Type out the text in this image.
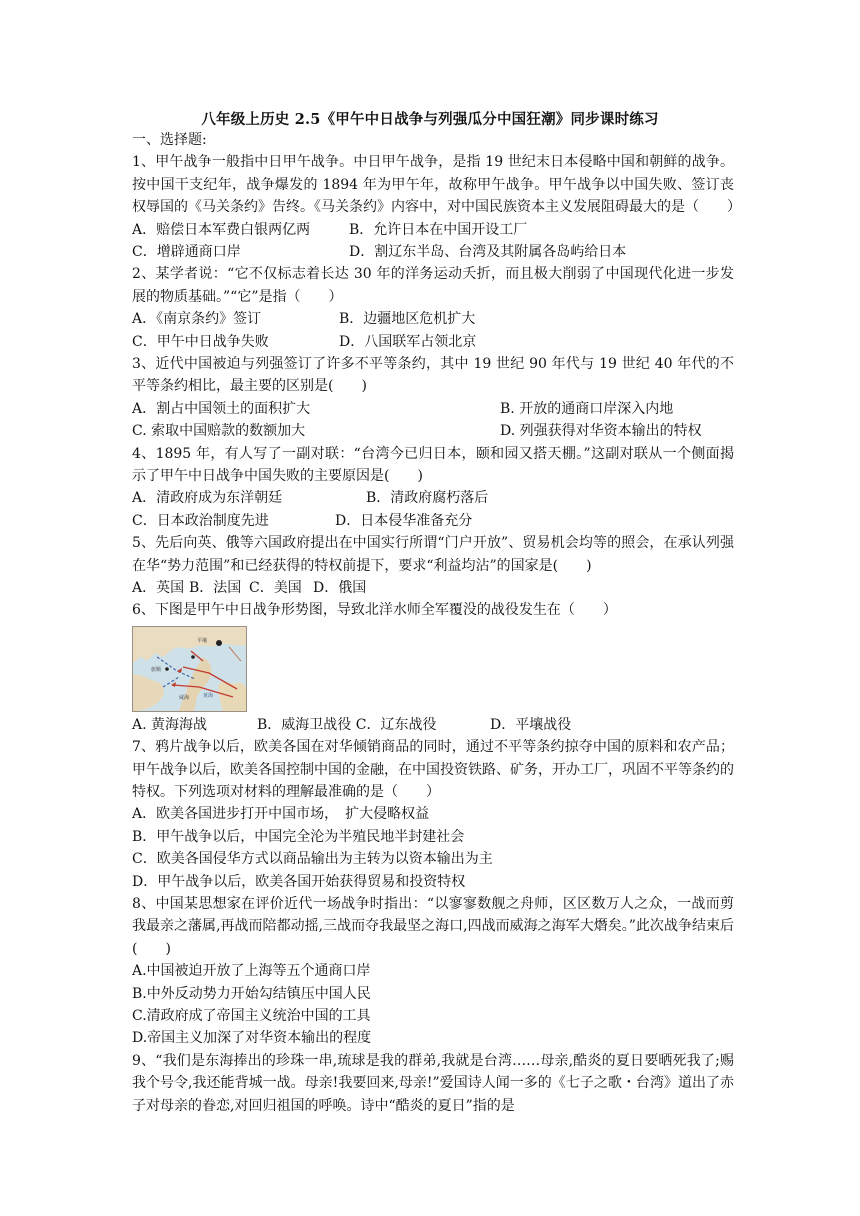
八年级上历史 2.5《甲午中日战争与列强瓜分中国狂潮》同步课时练习

一、选择题:

1、甲午战争一般指中日甲午战争。中日甲午战争，是指 19 世纪末日本侵略中国和朝鲜的战争。按中国干支纪年，战争爆发的 1894 年为甲午年，故称甲午战争。甲午战争以中国失败、签订丧权辱国的《马关条约》告终。《马关条约》内容中，对中国民族资本主义发展阻碍最大的是（　　）

A．赔偿日本军费白银两亿两	B．允许日本在中国开设工厂
C．增辟通商口岸	D．割辽东半岛、台湾及其附属各岛屿给日本

2、某学者说：“它不仅标志着长达 30 年的洋务运动夭折，而且极大削弱了中国现代化进一步发展的物质基础。”“它”是指（　　）

A．《南京条约》签订	B．边疆地区危机扩大
C．甲午中日战争失败	D．八国联军占领北京

3、近代中国被迫与列强签订了许多不平等条约，其中 19 世纪 90 年代与 19 世纪 40 年代的不平等条约相比，最主要的区别是(　　)

A．割占中国领土的面积扩大	B. 开放的通商口岸深入内地
C. 索取中国赔款的数额加大	D. 列强获得对华资本输出的特权

4、1895 年，有人写了一副对联：“台湾今已归日本，颐和园又搭天棚。”这副对联从一个侧面揭示了甲午中日战争中国失败的主要原因是(　　)

A．清政府成为东洋朝廷	B．清政府腐朽落后
C．日本政治制度先进	D．日本侵华准备充分

5、先后向英、俄等六国政府提出在中国实行所谓“门户开放”、贸易机会均等的照会，在承认列强在华“势力范围”和已经获得的特权前提下，要求“利益均沾”的国家是(　　)

A．英国 B．法国 C．美国 D．俄国

6、下图是甲午中日战争形势图，导致北洋水师全军覆没的战役发生在（　　）

平壤
旅顺
威海	黄海
A. 黄海海战	B．威海卫战役 C．辽东战役	D．平壤战役

7、鸦片战争以后，欧美各国在对华倾销商品的同时，通过不平等条约掠夺中国的原料和农产品；甲午战争以后，欧美各国控制中国的金融，在中国投资铁路、矿务，开办工厂，巩固不平等条约的特权。下列选项对材料的理解最准确的是（　　）

A．欧美各国进步打开中国市场，　扩大侵略权益

B．甲午战争以后，中国完全沦为半殖民地半封建社会

C．欧美各国侵华方式以商品输出为主转为以资本输出为主

D．甲午战争以后，欧美各国开始获得贸易和投资特权

8、中国某思想家在评价近代一场战争时指出：“以寥寥数舰之舟师，区区数万人之众，一战而剪我最亲之藩属,再战而陪都动摇,三战而夺我最坚之海口,四战而威海之海军大熸矣。”此次战争结束后(　　)

A.中国被迫开放了上海等五个通商口岸

B.中外反动势力开始勾结镇压中国人民

C.清政府成了帝国主义统治中国的工具

D.帝国主义加深了对华资本输出的程度

9、“我们是东海捧出的珍珠一串,琉球是我的群弟,我就是台湾……母亲,酷炎的夏日要晒死我了;赐我个号令,我还能背城一战。母亲!我要回来,母亲!”爱国诗人闻一多的《七子之歌・台湾》道出了赤子对母亲的眷恋,对回归祖国的呼唤。诗中“酷炎的夏日”指的是
